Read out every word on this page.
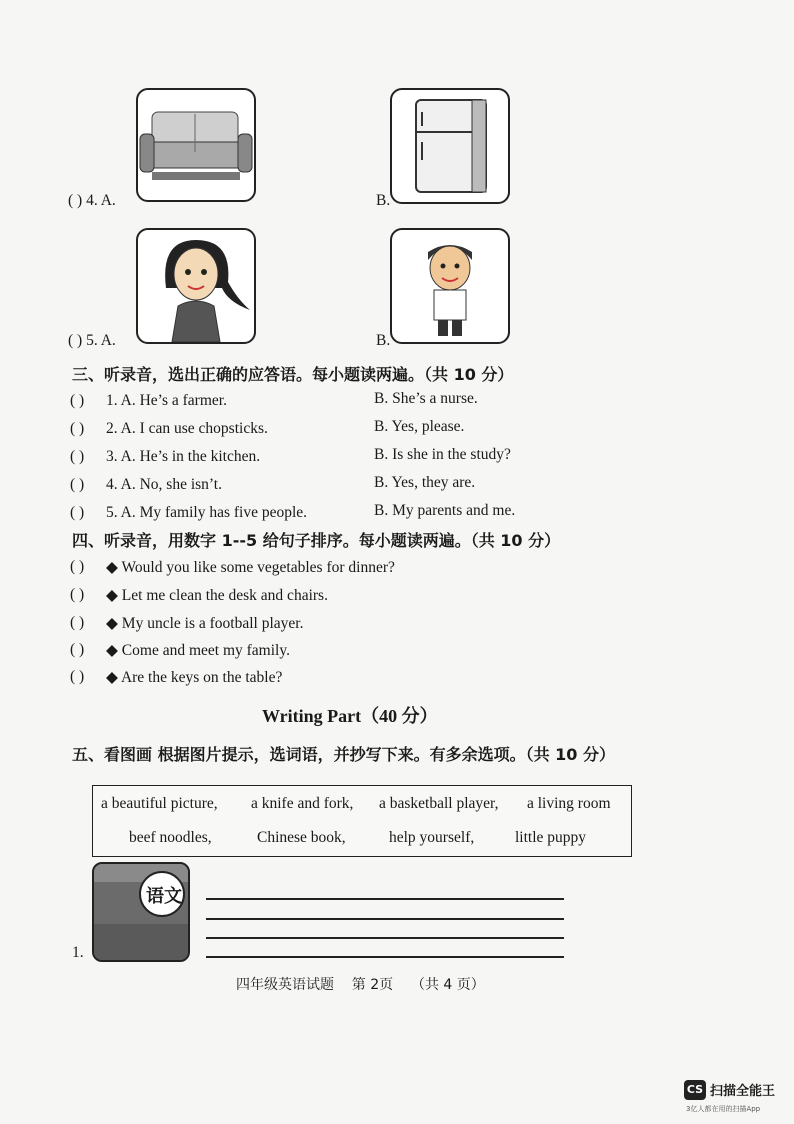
( ) 4. A.	B.
( ) 5. A.	B.
三、听录音，选出正确的应答语。每小题读两遍。（共 10 分）
( ) 1. A. He’s a farmer.	B. She’s a nurse.
( ) 2. A. I can use chopsticks.	B. Yes, please.
( ) 3. A. He’s in the kitchen.	B. Is she in the study?
( ) 4. A. No, she isn’t.	B. Yes, they are.
( ) 5. A. My family has five people.	B. My parents and me.
四、听录音，用数字 1--5 给句子排序。每小题读两遍。（共 10 分）
( ) ◆ Would you like some vegetables for dinner?
( ) ◆ Let me clean the desk and chairs.
( ) ◆ My uncle is a football player.
( ) ◆ Come and meet my family.
( ) ◆ Are the keys on the table?
Writing Part（40 分）
五、看图画 根据图片提示，选词语，并抄写下来。有多余选项。（共 10 分）
a beautiful picture, a knife and fork, a basketball player, a living room
beef noodles,	Chinese book,	help yourself,	little puppy
语文
1.
四年级英语试题    第 2页    （共 4 页）
CS 扫描全能王
3亿人都在用的扫描App
